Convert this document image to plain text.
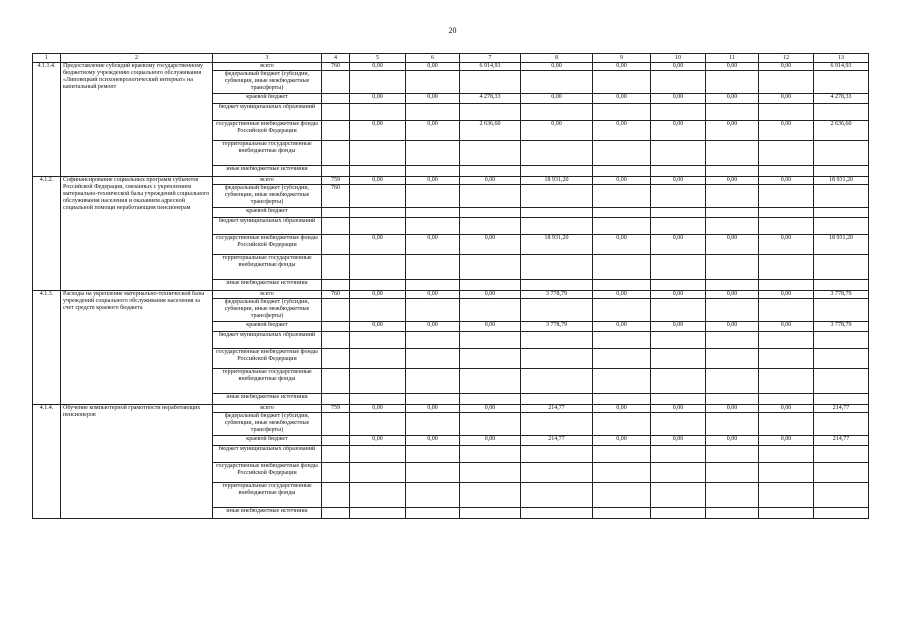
20
1	2	3	4	5	6	7	8	9	10	11	12	13
4.1.1.4.	Предоставление субсидий краевому государственному бюджетному учреждению социального обслуживания «Липовецкий психоневрологический интернат» на капитальный ремонт	всего	760	0,00	0,00	6 914,93	0,00	0,00	0,00	0,00	0,00	6 914,93
		федеральный бюджет (субсидии, субвенции, иные межбюджетные трансферты)										
		краевой бюджет		0,00	0,00	4 278,33	0,00	0,00	0,00	0,00	0,00	4 278,33
		бюджет муниципальных образований										
		государственные внебюджетные фонды Российской Федерации		0,00	0,00	2 636,60	0,00	0,00	0,00	0,00	0,00	2 636,60
		территориальные государственные внебюджетные фонды										
		иные внебюджетные источники										
4.1.2.	Софинансирование социальных программ субъектов Российской Федерации, связанных с укреплением материально-технической базы учреждений социального обслуживания населения и оказанием адресной социальной помощи неработающим пенсионерам	всего	759	0,00	0,00	0,00	18 931,20	0,00	0,00	0,00	0,00	18 931,20
		федеральный бюджет (субсидии, субвенции, иные межбюджетные трансферты)	760									
		краевой бюджет										
		бюджет муниципальных образований										
		государственные внебюджетные фонды Российской Федерации		0,00	0,00	0,00	18 931,20	0,00	0,00	0,00	0,00	18 931,20
		территориальные государственные внебюджетные фонды										
		иные внебюджетные источники										
4.1.3.	Расходы на укрепление материально-технической базы учреждений социального обслуживания населения за счет средств краевого бюджета	всего	760	0,00	0,00	0,00	3 778,79	0,00	0,00	0,00	0,00	3 778,79
		федеральный бюджет (субсидии, субвенции, иные межбюджетные трансферты)										
		краевой бюджет		0,00	0,00	0,00	3 778,79	0,00	0,00	0,00	0,00	3 778,79
		бюджет муниципальных образований										
		государственные внебюджетные фонды Российской Федерации										
		территориальные государственные внебюджетные фонды										
		иные внебюджетные источники										
4.1.4.	Обучение компьютерной грамотности неработающих пенсионеров	всего	759	0,00	0,00	0,00	214,77	0,00	0,00	0,00	0,00	214,77
		федеральный бюджет (субсидии, субвенции, иные межбюджетные трансферты)										
		краевой бюджет		0,00	0,00	0,00	214,77	0,00	0,00	0,00	0,00	214,77
		бюджет муниципальных образований										
		государственные внебюджетные фонды Российской Федерации										
		территориальные государственные внебюджетные фонды										
		иные внебюджетные источники										
